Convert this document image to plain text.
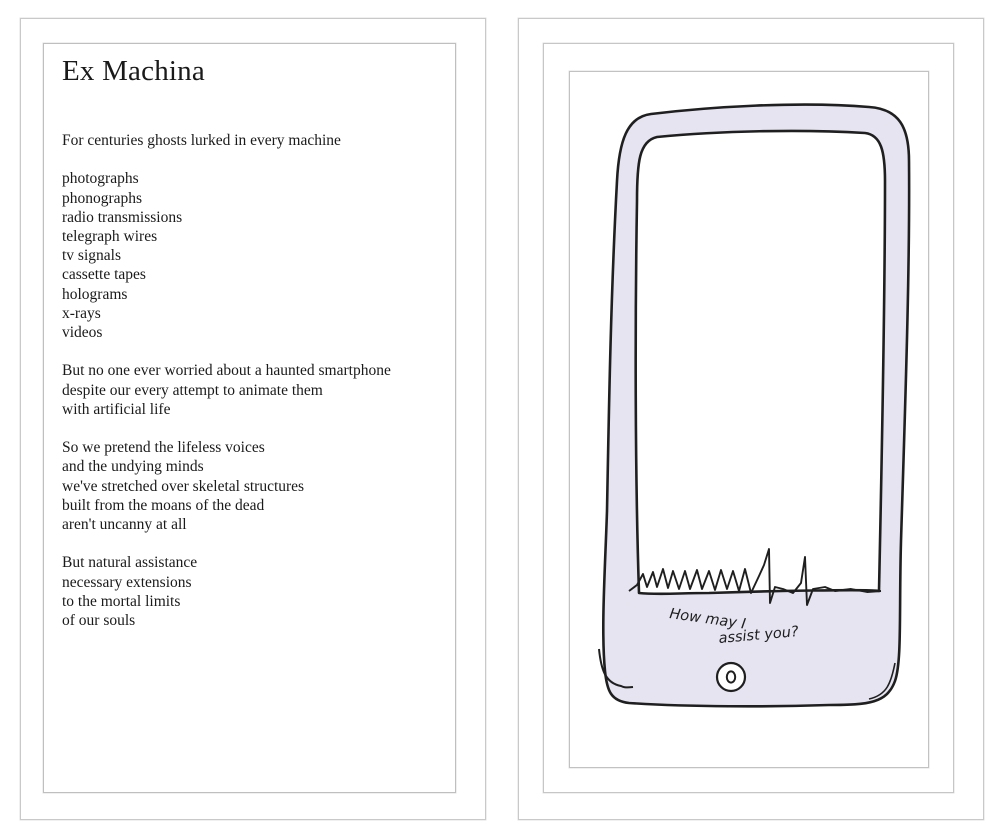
Ex Machina
For centuries ghosts lurked in every machine
photographs
phonographs
radio transmissions
telegraph wires
tv signals
cassette tapes
holograms
x-rays
videos
But no one ever worried about a haunted smartphone
despite our every attempt to animate them
with artificial life
So we pretend the lifeless voices
and the undying minds
we've stretched over skeletal structures
built from the moans of the dead
aren't uncanny at all
But natural assistance
necessary extensions
to the mortal limits
of our souls	How may I
assist you?
